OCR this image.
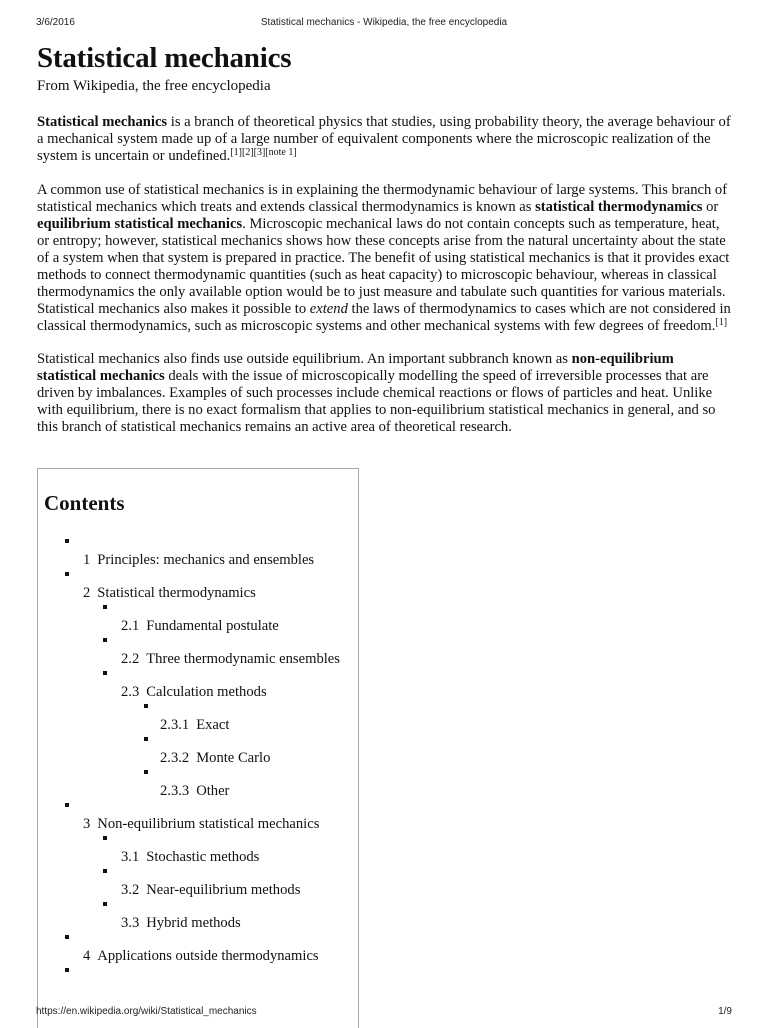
3/6/2016	Statistical mechanics - Wikipedia, the free encyclopedia
Statistical mechanics
From Wikipedia, the free encyclopedia

Statistical mechanics is a branch of theoretical physics that studies, using probability theory, the average behaviour of a mechanical system made up of a large number of equivalent components where the microscopic realization of the system is uncertain or undefined.[1][2][3][note 1]

A common use of statistical mechanics is in explaining the thermodynamic behaviour of large systems. This branch of statistical mechanics which treats and extends classical thermodynamics is known as statistical thermodynamics or equilibrium statistical mechanics. Microscopic mechanical laws do not contain concepts such as temperature, heat, or entropy; however, statistical mechanics shows how these concepts arise from the natural uncertainty about the state of a system when that system is prepared in practice. The benefit of using statistical mechanics is that it provides exact methods to connect thermodynamic quantities (such as heat capacity) to microscopic behaviour, whereas in classical thermodynamics the only available option would be to just measure and tabulate such quantities for various materials. Statistical mechanics also makes it possible to extend the laws of thermodynamics to cases which are not considered in classical thermodynamics, such as microscopic systems and other mechanical systems with few degrees of freedom.[1]

Statistical mechanics also finds use outside equilibrium. An important subbranch known as non-equilibrium statistical mechanics deals with the issue of microscopically modelling the speed of irreversible processes that are driven by imbalances. Examples of such processes include chemical reactions or flows of particles and heat. Unlike with equilibrium, there is no exact formalism that applies to non-equilibrium statistical mechanics in general, and so this branch of statistical mechanics remains an active area of theoretical research.

Contents
1 Principles: mechanics and ensembles
2 Statistical thermodynamics
2.1 Fundamental postulate
2.2 Three thermodynamic ensembles
2.3 Calculation methods
2.3.1 Exact
2.3.2 Monte Carlo
2.3.3 Other
3 Non-equilibrium statistical mechanics
3.1 Stochastic methods
3.2 Near-equilibrium methods
3.3 Hybrid methods
4 Applications outside thermodynamics
https://en.wikipedia.org/wiki/Statistical_mechanics	1/9
